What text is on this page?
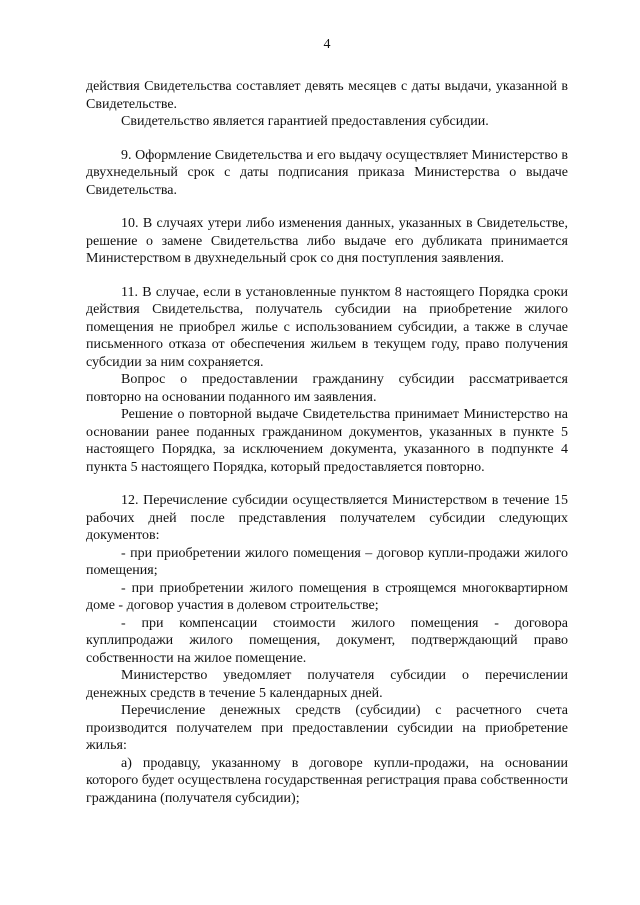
4

действия Свидетельства составляет девять месяцев с даты выдачи, указанной в Свидетельстве.

Свидетельство является гарантией предоставления субсидии.

9. Оформление Свидетельства и его выдачу осуществляет Министерство в двухнедельный срок с даты подписания приказа Министерства о выдаче Свидетельства.

10. В случаях утери либо изменения данных, указанных в Свидетельстве, решение о замене Свидетельства либо выдаче его дубликата принимается Министерством в двухнедельный срок со дня поступления заявления.

11. В случае, если в установленные пунктом 8 настоящего Порядка сроки действия Свидетельства, получатель субсидии на приобретение жилого помещения не приобрел жилье с использованием субсидии, а также в случае письменного отказа от обеспечения жильем в текущем году, право получения субсидии за ним сохраняется.

Вопрос о предоставлении гражданину субсидии рассматривается повторно на основании поданного им заявления.

Решение о повторной выдаче Свидетельства принимает Министерство на основании ранее поданных гражданином документов, указанных в пункте 5 настоящего Порядка, за исключением документа, указанного в подпункте 4 пункта 5 настоящего Порядка, который предоставляется повторно.

12. Перечисление субсидии осуществляется Министерством в течение 15 рабочих дней после представления получателем субсидии следующих документов:

- при приобретении жилого помещения – договор купли-продажи жилого помещения;

- при приобретении жилого помещения в строящемся многоквартирном доме - договор участия в долевом строительстве;

- при компенсации стоимости жилого помещения - договора куплипродажи жилого помещения, документ, подтверждающий право собственности на жилое помещение.

Министерство уведомляет получателя субсидии о перечислении денежных средств в течение 5 календарных дней.

Перечисление денежных средств (субсидии) с расчетного счета производится получателем при предоставлении субсидии на приобретение жилья:

а) продавцу, указанному в договоре купли-продажи, на основании которого будет осуществлена государственная регистрация права собственности гражданина (получателя субсидии);
